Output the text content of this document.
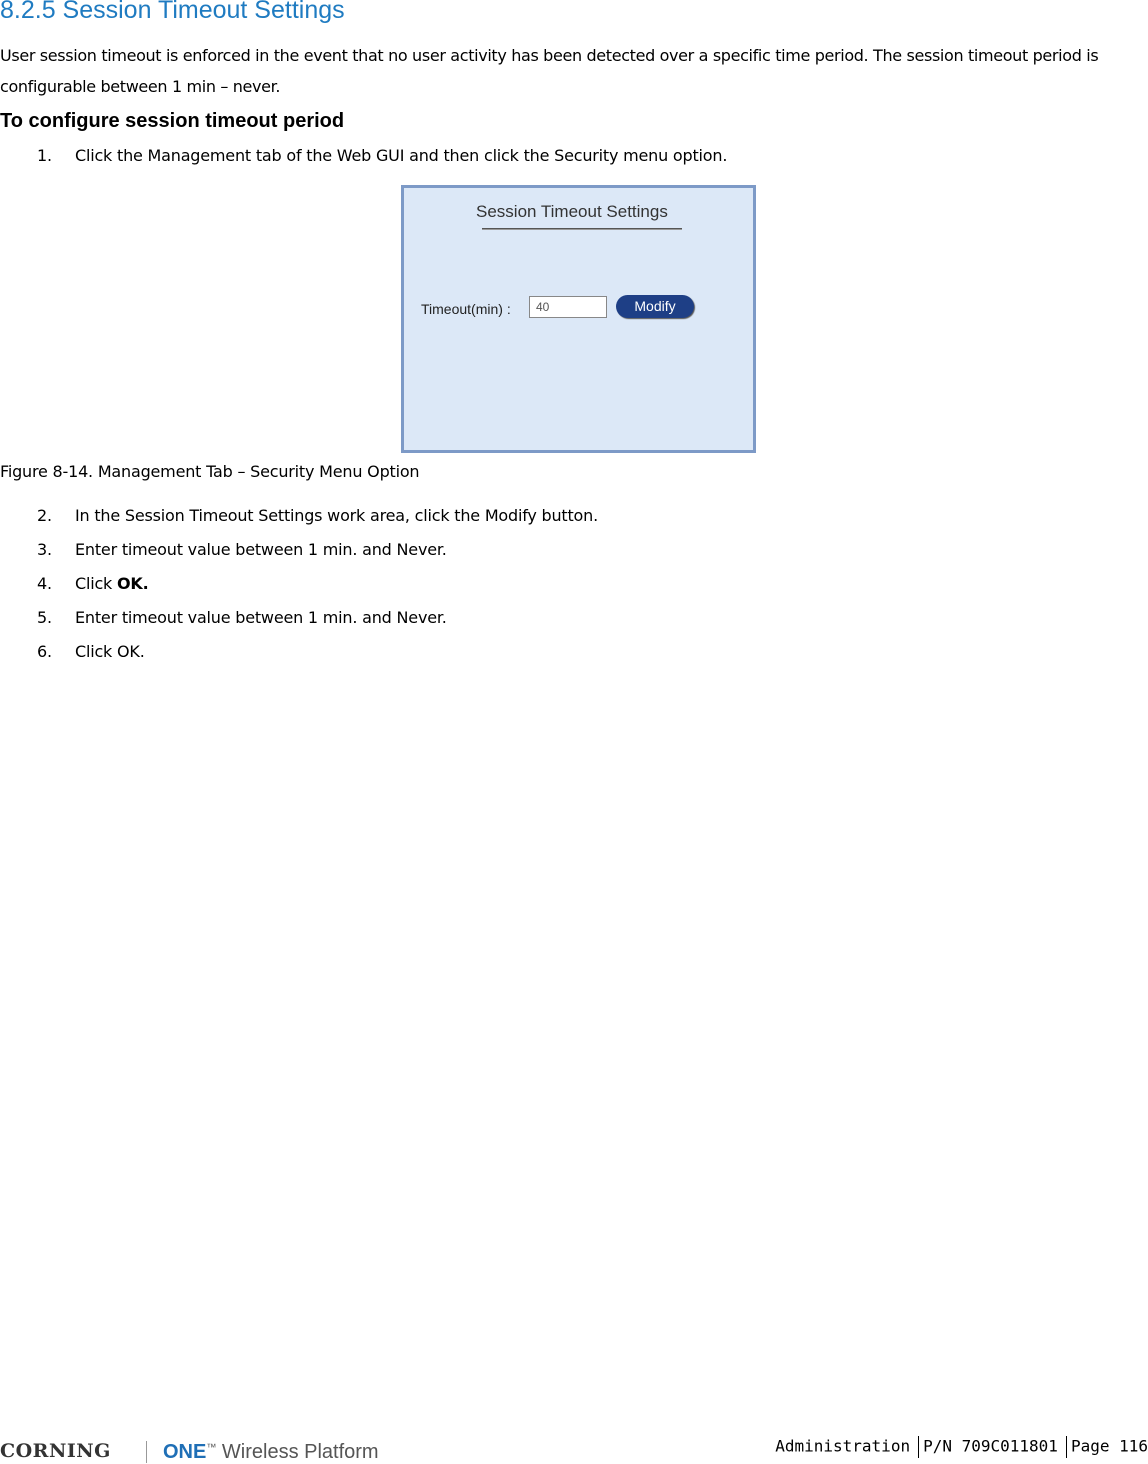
8.2.5 Session Timeout Settings
User session timeout is enforced in the event that no user activity has been detected over a specific time period. The session timeout period is configurable between 1 min – never.
To configure session timeout period
1. Click the Management tab of the Web GUI and then click the Security menu option.
Session Timeout Settings
Timeout(min) :	40	Modify
Figure 8-14. Management Tab – Security Menu Option
2. In the Session Timeout Settings work area, click the Modify button.
3. Enter timeout value between 1 min. and Never.
4. Click OK.
5. Enter timeout value between 1 min. and Never.
6. Click OK.
CORNING	ONE™ Wireless Platform	Administration P/N 709C011801 Page 116
